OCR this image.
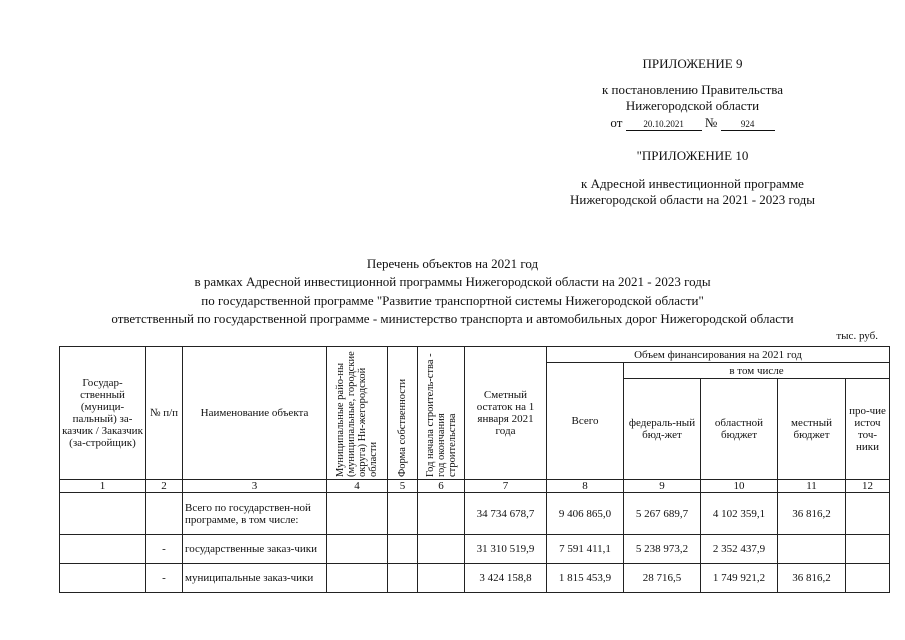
ПРИЛОЖЕНИЕ 9
к постановлению Правительства
Нижегородской области
от 20.10.2021 №	924
"ПРИЛОЖЕНИЕ 10
к Адресной инвестиционной программе
Нижегородской области на 2021 - 2023 годы
Перечень объектов на 2021 год
в рамках Адресной инвестиционной программы Нижегородской области на 2021 - 2023 годы
по государственной программе "Развитие транспортной системы Нижегородской области"
ответственный по государственной программе - министерство транспорта и автомобильных дорог Нижегородской области
тыс. руб.
Государ-ственный (муници-пальный) за-казчик / Заказчик (за-стройщик)	№ п/п	Наименование объекта	Муниципальные райо-ны (муниципальные, городские округа) Ни-жегородской области	Форма собственности	Год начала строитель-ства - год окончания строительства	Сметный остаток на 1 января 2021 года	Объем финансирования на 2021 год				
							Всего	в том числе			
								федераль-ный бюд-жет	областной бюджет	местный бюджет	про-чие источ точ-ники
1	2	3	4	5	6	7	8	9	10	11	12
		Всего по государствен-ной программе, в том числе:				34 734 678,7	9 406 865,0	5 267 689,7	4 102 359,1	36 816,2	
	-	государственные заказ-чики				31 310 519,9	7 591 411,1	5 238 973,2	2 352 437,9		
	-	муниципальные заказ-чики				3 424 158,8	1 815 453,9	28 716,5	1 749 921,2	36 816,2	
